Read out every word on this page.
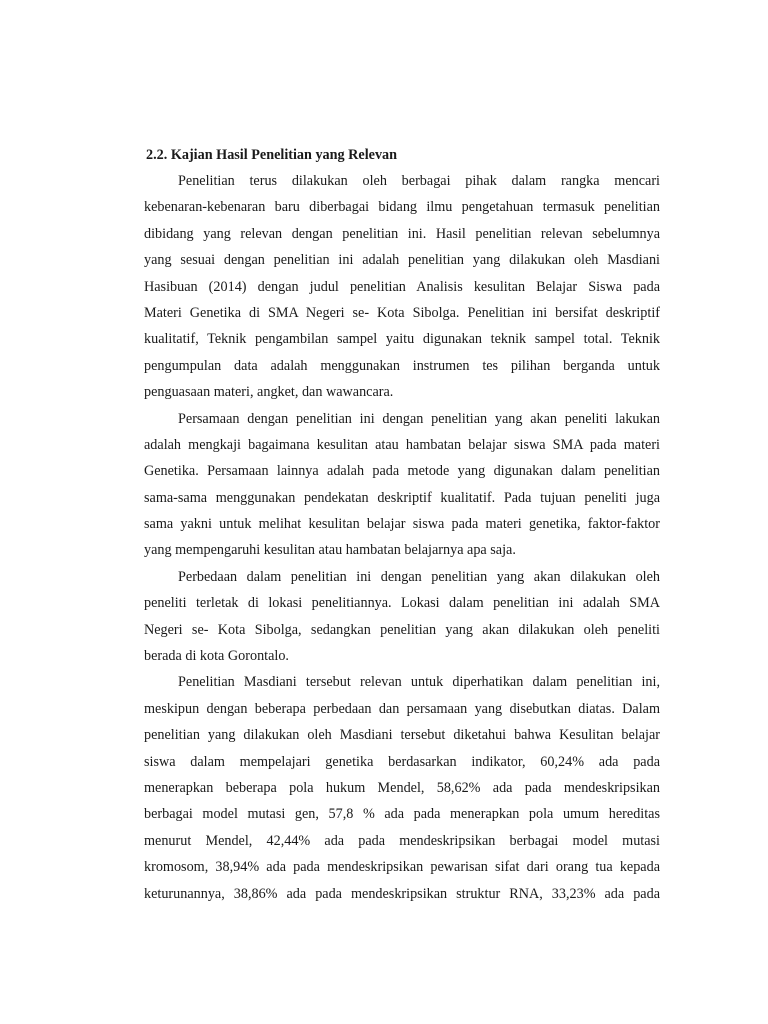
2.2. Kajian Hasil Penelitian yang Relevan

Penelitian terus dilakukan oleh berbagai pihak dalam rangka mencari
kebenaran-kebenaran baru diberbagai bidang ilmu pengetahuan termasuk penelitian
dibidang yang relevan dengan penelitian ini. Hasil penelitian relevan sebelumnya
yang sesuai dengan penelitian ini adalah penelitian yang dilakukan oleh Masdiani
Hasibuan (2014) dengan judul penelitian Analisis kesulitan Belajar Siswa pada
Materi Genetika di SMA Negeri se- Kota Sibolga. Penelitian ini bersifat deskriptif
kualitatif, Teknik pengambilan sampel yaitu digunakan teknik sampel total. Teknik
pengumpulan data adalah menggunakan instrumen tes pilihan berganda untuk
penguasaan materi, angket, dan wawancara.

Persamaan dengan penelitian ini dengan penelitian yang akan peneliti lakukan
adalah mengkaji bagaimana kesulitan atau hambatan belajar siswa SMA pada materi
Genetika. Persamaan lainnya adalah pada metode yang digunakan dalam penelitian
sama-sama menggunakan pendekatan deskriptif kualitatif. Pada tujuan peneliti juga
sama yakni untuk melihat kesulitan belajar siswa pada materi genetika, faktor-faktor
yang mempengaruhi kesulitan atau hambatan belajarnya apa saja.

Perbedaan dalam penelitian ini dengan penelitian yang akan dilakukan oleh
peneliti terletak di lokasi penelitiannya. Lokasi dalam penelitian ini adalah SMA
Negeri se- Kota Sibolga, sedangkan penelitian yang akan dilakukan oleh peneliti
berada di kota Gorontalo.

Penelitian Masdiani tersebut relevan untuk diperhatikan dalam penelitian ini,
meskipun dengan beberapa perbedaan dan persamaan yang disebutkan diatas. Dalam
penelitian yang dilakukan oleh Masdiani tersebut diketahui bahwa Kesulitan belajar
siswa dalam mempelajari genetika berdasarkan indikator, 60,24% ada pada
menerapkan beberapa pola hukum Mendel, 58,62% ada pada mendeskripsikan
berbagai model mutasi gen, 57,8 % ada pada menerapkan pola umum hereditas
menurut Mendel, 42,44% ada pada mendeskripsikan berbagai model mutasi
kromosom, 38,94% ada pada mendeskripsikan pewarisan sifat dari orang tua kepada
keturunannya, 38,86% ada pada mendeskripsikan struktur RNA, 33,23% ada pada
